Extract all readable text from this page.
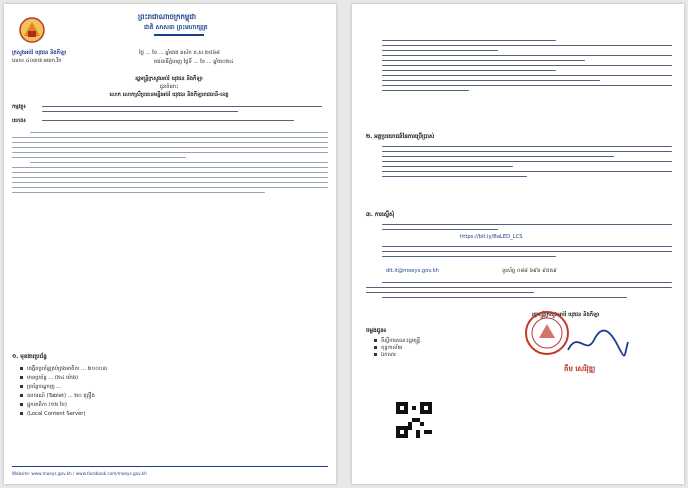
ព្រះរាជាណាចក្រកម្ពុជា
ជាតិ សាសនា ព្រះមហាក្សត្រ
ក្រសួងអប់រំ យុវជន និងកីឡា
លេខ៖ ៤០៣៧ អយក.វិក
ថ្ងៃ ... ខែ ... ឆ្នាំរោង ឆស័ក ព.ស.២៥៦៨
រាជធានីភ្នំពេញ ថ្ងៃទី ... ខែ ... ឆ្នាំ២០២៤
រដ្ឋមន្ត្រីក្រសួងអប់រំ យុវជន និងកីឡា
ជូនចំពោះ
លោក លោកស្រីប្រធានមន្ទីរអប់រំ យុវជន និងកីឡារាជធានី-ខេត្ត
កម្មវត្ថុ៖
យោង៖
១. មុខងារប្រព័ន្ធ
បង្កើតប្រព័ន្ធគ្រប់គ្រងមាតិកា ... ២០០០៣
មានប្រព័ន្ធ ... (២៤ ម៉ោង)
ប្រព័ន្ធបណ្តាញ ...
ឧបករណ៍ (Tablet) ... ២០ គ្រឿង
ផ្ទុកមាតិកា (១២ ខែ)
(Local Content Server)
Website: www.moeys.gov.kh / www.facebook.com/moeys.gov.kh
២. អត្ថប្រយោជន៍នៃការប្រើប្រាស់
៣. ការស្នើសុំ
https://bit.ly/BaLED_LCS
dit.it@moeys.gov.kh	ទូរស័ព្ទ ០៨៨ ៦៩៦ ៩៥៥៩
រដ្ឋមន្ត្រីក្រសួងអប់រំ យុវជន និងកីឡា
គឹម សេរីវុឌ្ឍ
ចម្លងជូន៖
ទីស្តីការគណៈរដ្ឋមន្ត្រី
ខុទ្ទកាល័យ
ឯកសារ
